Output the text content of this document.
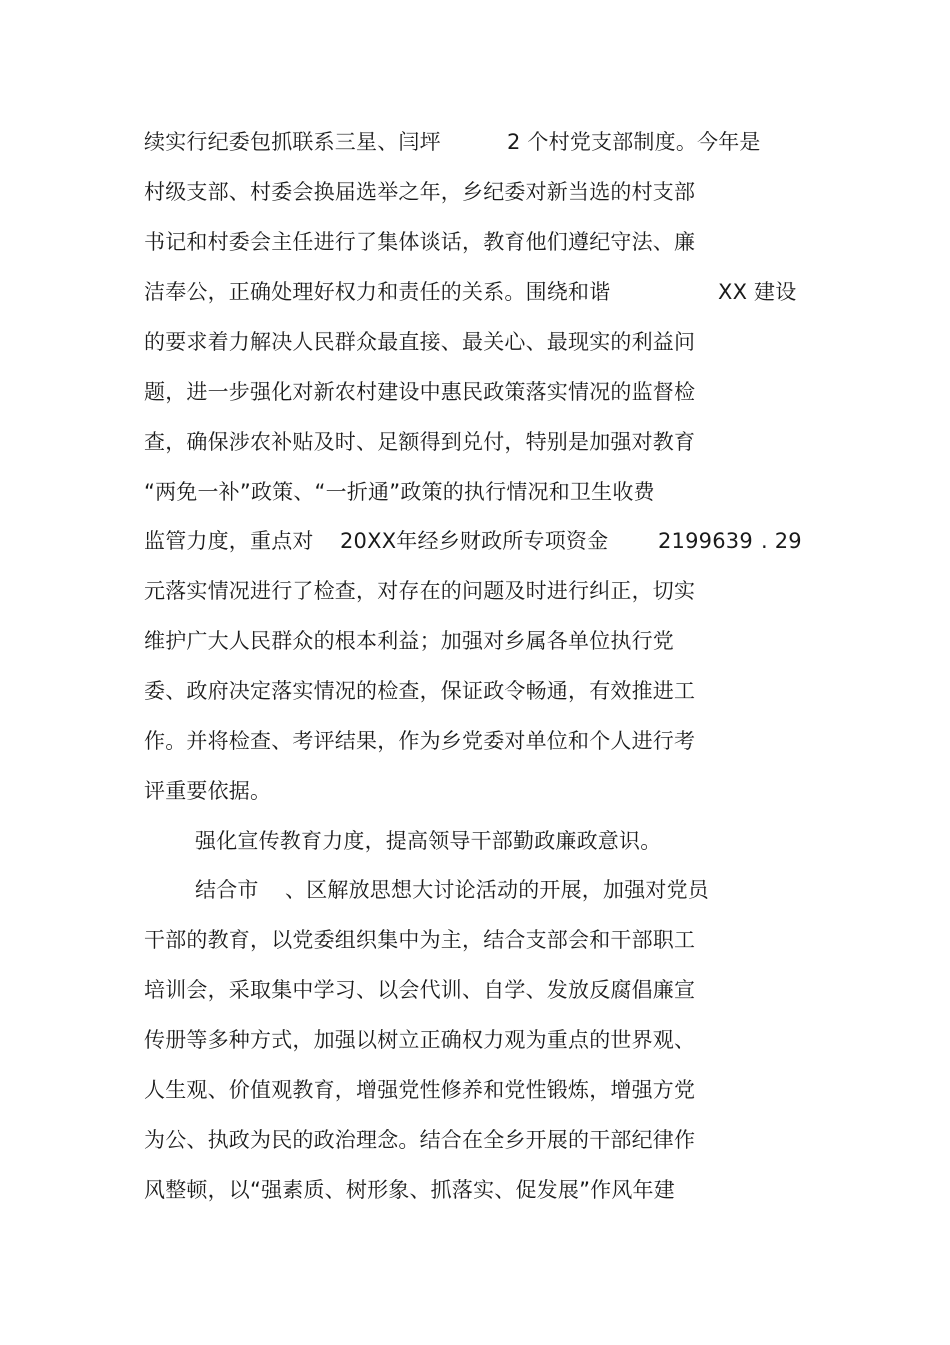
续实行纪委包抓联系三星、闫坪	2 个村党支部制度。今年是
村级支部、村委会换届选举之年，乡纪委对新当选的村支部
书记和村委会主任进行了集体谈话，教育他们遵纪守法、廉
洁奉公，正确处理好权力和责任的关系。围绕和谐	XX 建设
的要求着力解决人民群众最直接、最关心、最现实的利益问
题，进一步强化对新农村建设中惠民政策落实情况的监督检
查，确保涉农补贴及时、足额得到兑付，特别是加强对教育
“两免一补”政策、“一折通”政策的执行情况和卫生收费
监管力度，重点对 20XX年经乡财政所专项资金 2199639 . 29
元落实情况进行了检查，对存在的问题及时进行纠正，切实
维护广大人民群众的根本利益；加强对乡属各单位执行党
委、政府决定落实情况的检查，保证政令畅通，有效推进工
作。并将检查、考评结果，作为乡党委对单位和个人进行考
评重要依据。
强化宣传教育力度，提高领导干部勤政廉政意识。
结合市 、区解放思想大讨论活动的开展，加强对党员
干部的教育，以党委组织集中为主，结合支部会和干部职工
培训会，采取集中学习、以会代训、自学、发放反腐倡廉宣
传册等多种方式，加强以树立正确权力观为重点的世界观、
人生观、价值观教育，增强党性修养和党性锻炼，增强方党
为公、执政为民的政治理念。结合在全乡开展的干部纪律作
风整顿，以“强素质、树形象、抓落实、促发展”作风年建
